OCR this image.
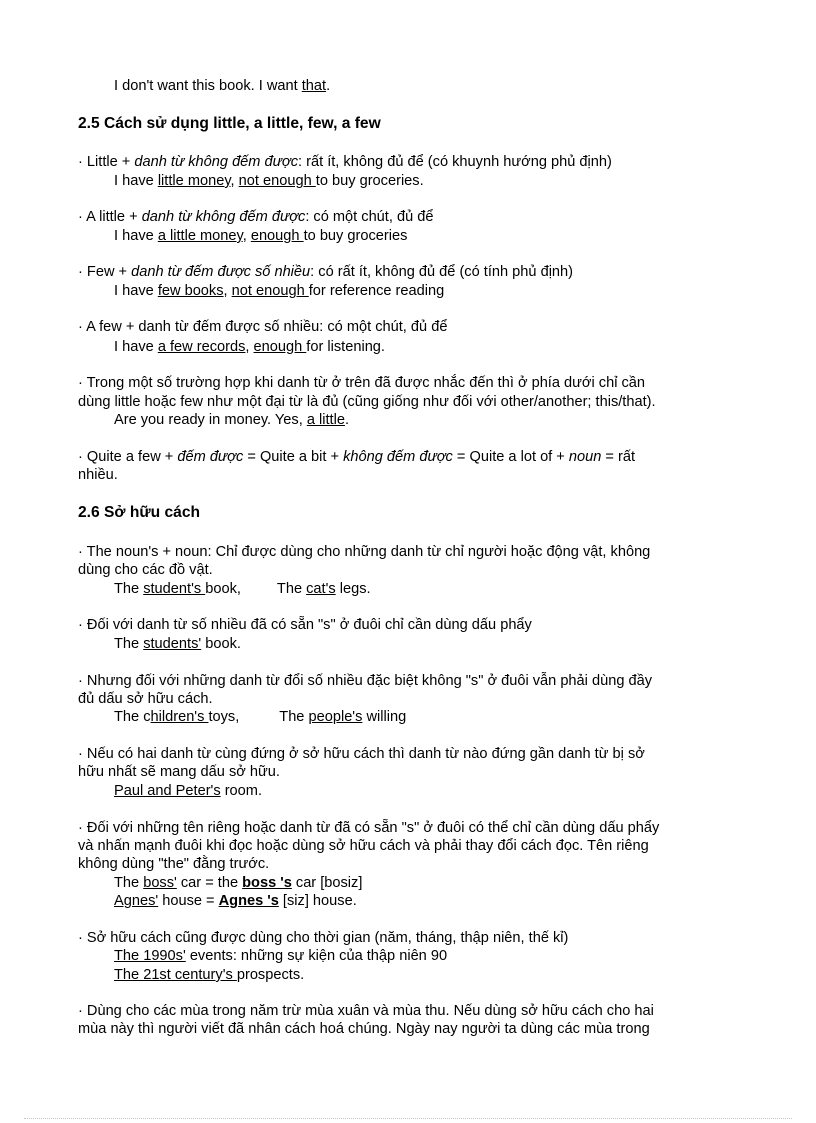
I don't want this book. I want that.
2.5 Cách sử dụng little, a little, few, a few
· Little + danh từ không đếm được: rất ít, không đủ để (có khuynh hướng phủ định)
I have little money, not enough to buy groceries.
· A little + danh từ không đếm được: có một chút, đủ để
I have a little money, enough to buy groceries
· Few + danh từ đếm được số nhiều: có rất ít, không đủ để (có tính phủ định)
I have few books, not enough for reference reading
· A few + danh từ đếm được số nhiều: có một chút, đủ để
I have a few records, enough for listening.
· Trong một số trường hợp khi danh từ ở trên đã được nhắc đến thì ở phía dưới chỉ cần
dùng little hoặc few như một đại từ là đủ (cũng giống như đối với other/another; this/that).
Are you ready in money. Yes, a little.
· Quite a few + đếm được = Quite a bit + không đếm được = Quite a lot of + noun = rất
nhiều.
2.6 Sở hữu cách
· The noun's + noun: Chỉ được dùng cho những danh từ chỉ người hoặc động vật, không
dùng cho các đồ vật.
The student's book, The cat's legs.
· Đối với danh từ số nhiều đã có sẵn "s" ở đuôi chỉ cần dùng dấu phẩy
The students' book.
· Nhưng đối với những danh từ đổi số nhiều đặc biệt không "s" ở đuôi vẫn phải dùng đầy
đủ dấu sở hữu cách.
The children's toys,	The people's willing
· Nếu có hai danh từ cùng đứng ở sở hữu cách thì danh từ nào đứng gần danh từ bị sở
hữu nhất sẽ mang dấu sở hữu.
Paul and Peter's room.
· Đối với những tên riêng hoặc danh từ đã có sẵn "s" ở đuôi có thể chỉ cần dùng dấu phẩy
và nhấn mạnh đuôi khi đọc hoặc dùng sở hữu cách và phải thay đổi cách đọc. Tên riêng
không dùng "the" đằng trước.
The boss' car = the boss 's car [bosiz]
Agnes' house = Agnes 's [siz] house.
· Sở hữu cách cũng được dùng cho thời gian (năm, tháng, thập niên, thế kỉ)
The 1990s' events: những sự kiện của thập niên 90
The 21st century's prospects.
· Dùng cho các mùa trong năm trừ mùa xuân và mùa thu. Nếu dùng sở hữu cách cho hai
mùa này thì người viết đã nhân cách hoá chúng. Ngày nay người ta dùng các mùa trong
